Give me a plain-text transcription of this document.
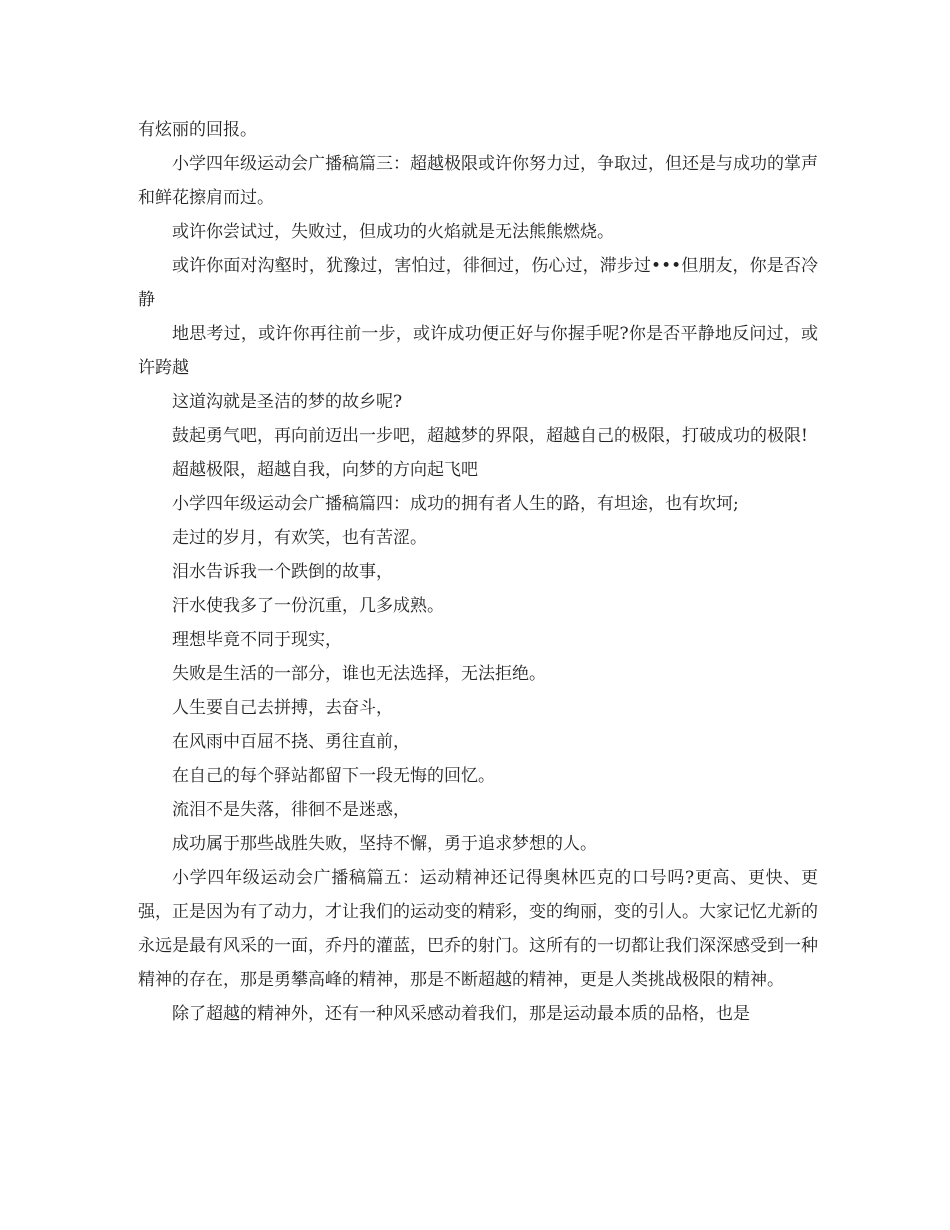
有炫丽的回报。

小学四年级运动会广播稿篇三：超越极限或许你努力过，争取过，但还是与成功的掌声和鲜花擦肩而过。

或许你尝试过，失败过，但成功的火焰就是无法熊熊燃烧。

或许你面对沟壑时，犹豫过，害怕过，徘徊过，伤心过，滞步过•••但朋友，你是否冷静

地思考过，或许你再往前一步，或许成功便正好与你握手呢?你是否平静地反问过，或许跨越

这道沟就是圣洁的梦的故乡呢?

鼓起勇气吧，再向前迈出一步吧，超越梦的界限，超越自己的极限，打破成功的极限!

超越极限，超越自我，向梦的方向起飞吧

小学四年级运动会广播稿篇四：成功的拥有者人生的路，有坦途，也有坎坷;

走过的岁月，有欢笑，也有苦涩。

泪水告诉我一个跌倒的故事，

汗水使我多了一份沉重，几多成熟。

理想毕竟不同于现实，

失败是生活的一部分，谁也无法选择，无法拒绝。

人生要自己去拼搏，去奋斗，

在风雨中百屈不挠、勇往直前，

在自己的每个驿站都留下一段无悔的回忆。

流泪不是失落，徘徊不是迷惑，

成功属于那些战胜失败，坚持不懈，勇于追求梦想的人。

小学四年级运动会广播稿篇五：运动精神还记得奥林匹克的口号吗?更高、更快、更强，正是因为有了动力，才让我们的运动变的精彩，变的绚丽，变的引人。大家记忆尤新的永远是最有风采的一面，乔丹的灌蓝，巴乔的射门。这所有的一切都让我们深深感受到一种精神的存在，那是勇攀高峰的精神，那是不断超越的精神，更是人类挑战极限的精神。

除了超越的精神外，还有一种风采感动着我们，那是运动最本质的品格，也是
